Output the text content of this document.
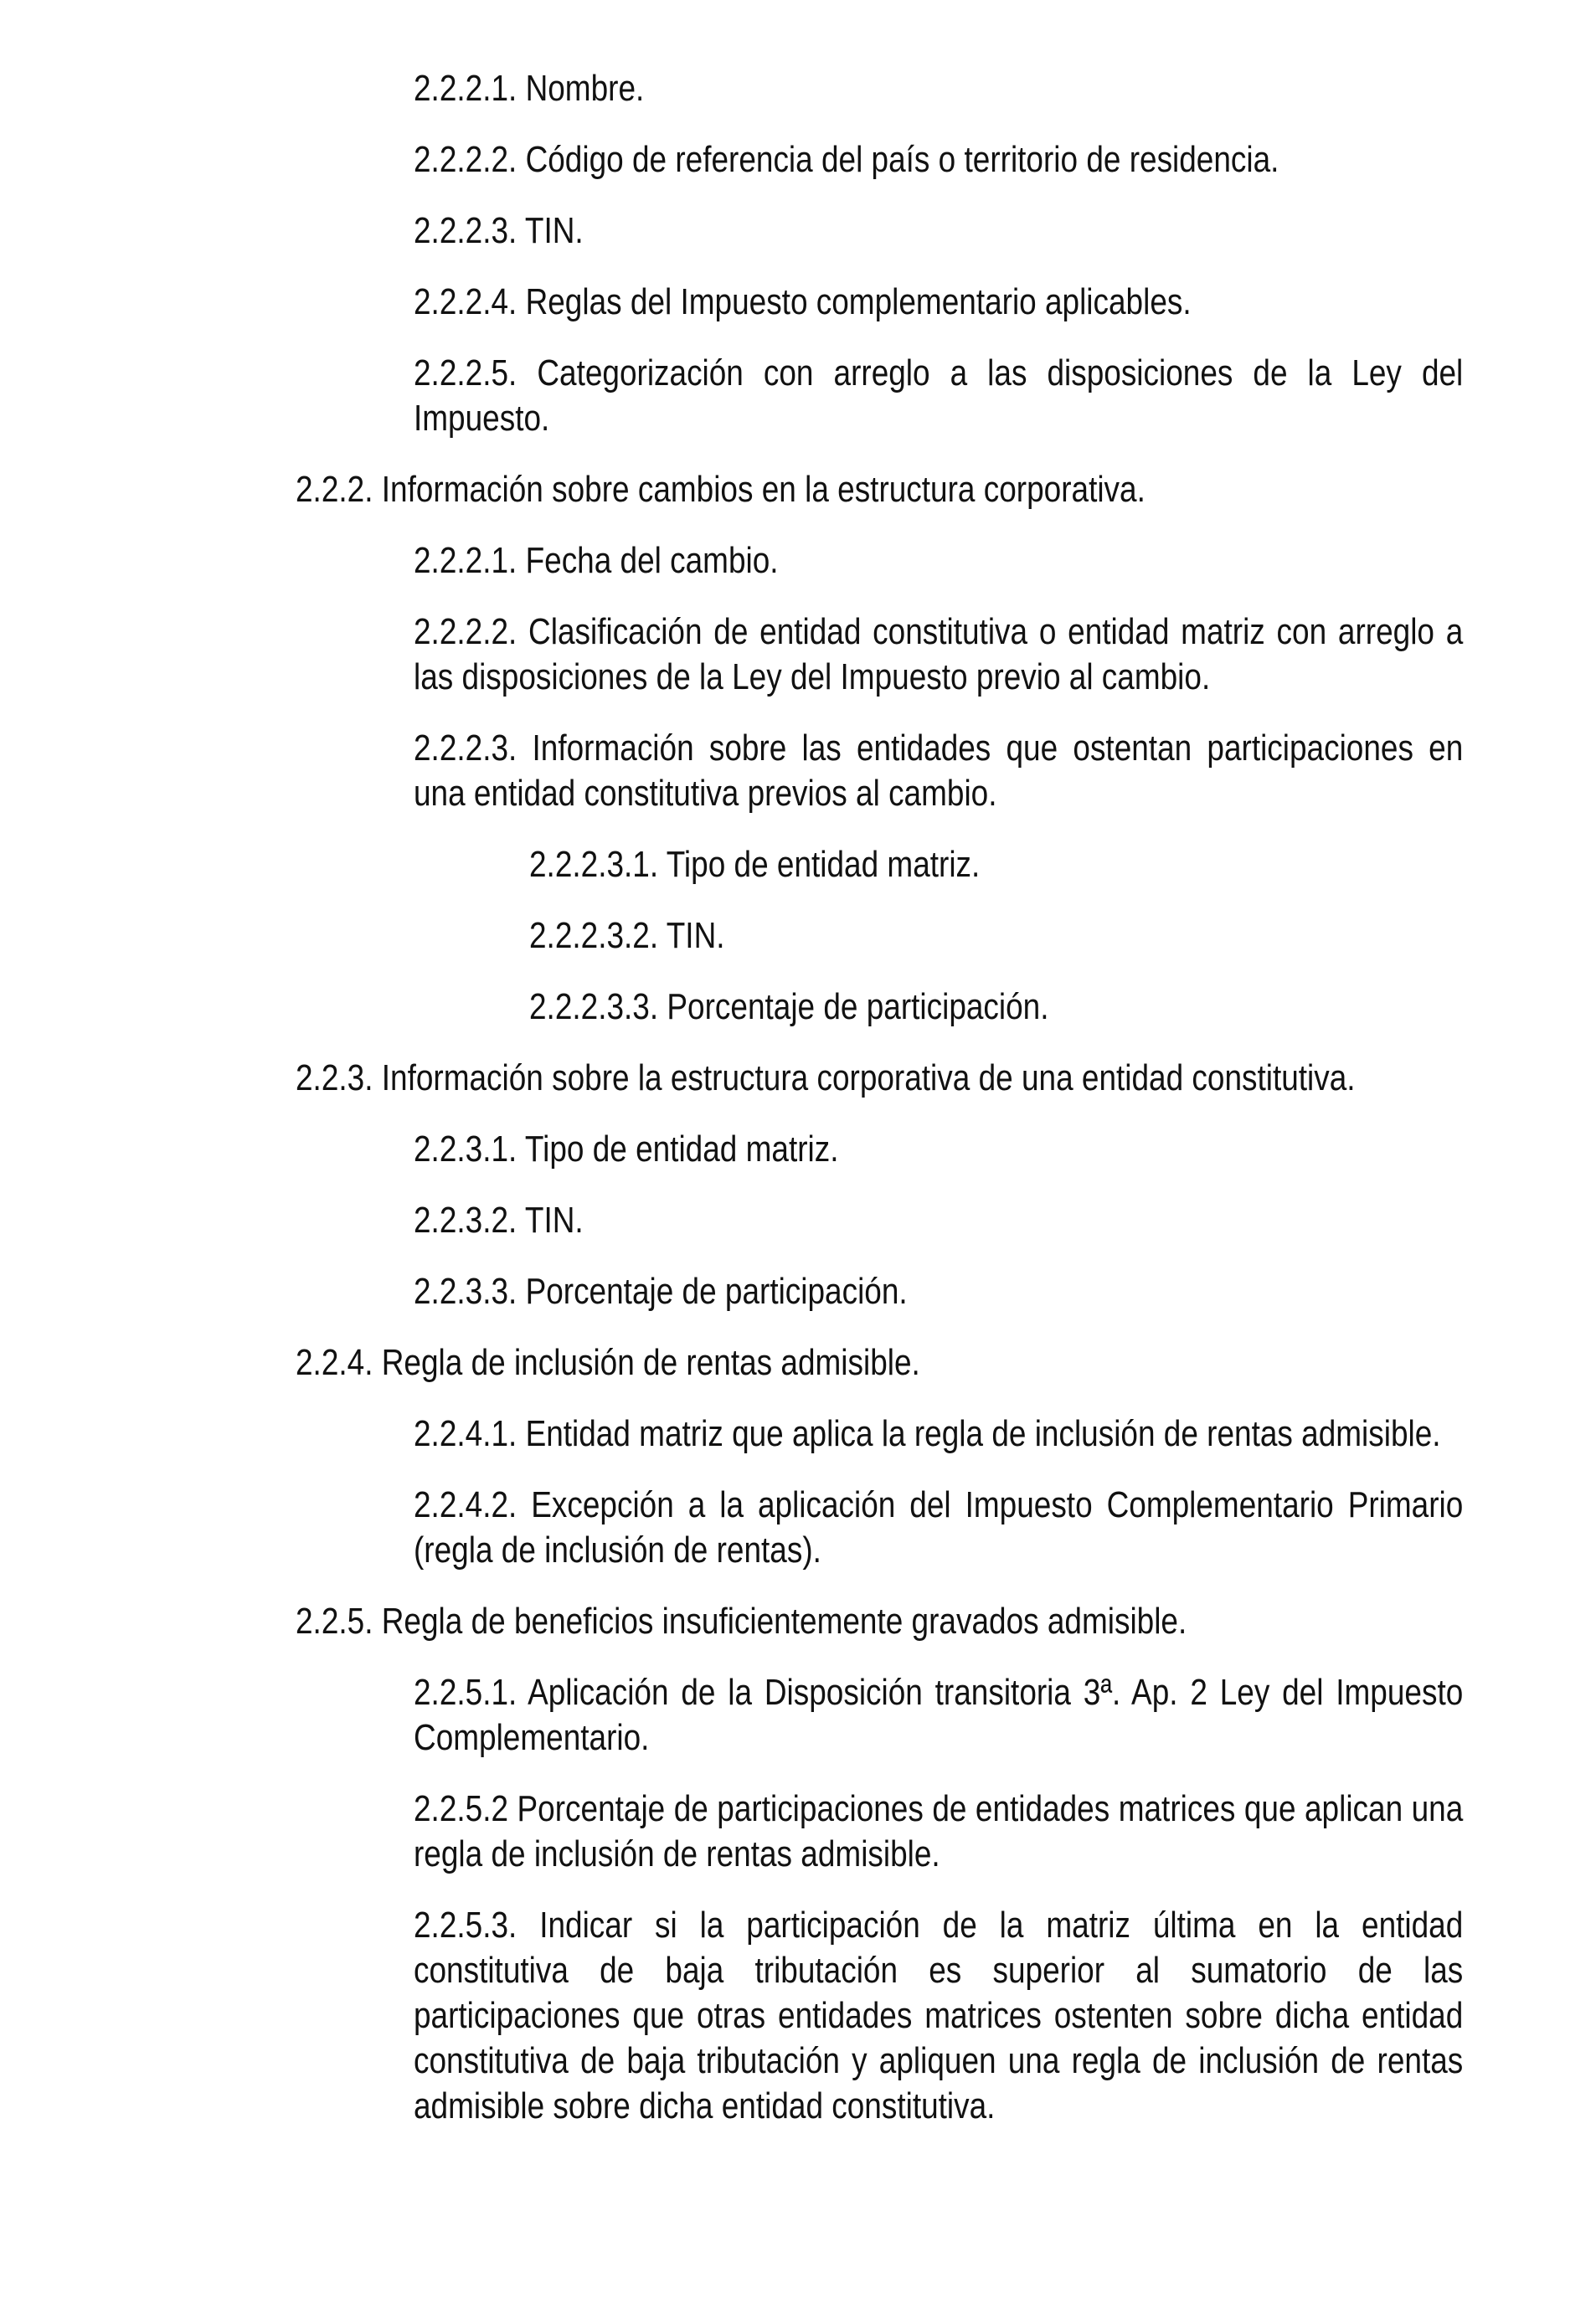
2.2.2.1. Nombre.
2.2.2.2. Código de referencia del país o territorio de residencia.
2.2.2.3. TIN.
2.2.2.4. Reglas del Impuesto complementario aplicables.
2.2.2.5. Categorización con arreglo a las disposiciones de la Ley del Impuesto.
2.2.2. Información sobre cambios en la estructura corporativa.
2.2.2.1. Fecha del cambio.
2.2.2.2. Clasificación de entidad constitutiva o entidad matriz con arreglo a las disposiciones de la Ley del Impuesto previo al cambio.
2.2.2.3. Información sobre las entidades que ostentan participaciones en una entidad constitutiva previos al cambio.
2.2.2.3.1. Tipo de entidad matriz.
2.2.2.3.2. TIN.
2.2.2.3.3. Porcentaje de participación.
2.2.3. Información sobre la estructura corporativa de una entidad constitutiva.
2.2.3.1. Tipo de entidad matriz.
2.2.3.2. TIN.
2.2.3.3. Porcentaje de participación.
2.2.4. Regla de inclusión de rentas admisible.
2.2.4.1. Entidad matriz que aplica la regla de inclusión de rentas admisible.
2.2.4.2. Excepción a la aplicación del Impuesto Complementario Primario (regla de inclusión de rentas).
2.2.5. Regla de beneficios insuficientemente gravados admisible.
2.2.5.1. Aplicación de la Disposición transitoria 3ª. Ap. 2 Ley del Impuesto Complementario.
2.2.5.2 Porcentaje de participaciones de entidades matrices que aplican una regla de inclusión de rentas admisible.
2.2.5.3. Indicar si la participación de la matriz última en la entidad constitutiva de baja tributación es superior al sumatorio de las participaciones que otras entidades matrices ostenten sobre dicha entidad constitutiva de baja tributación y apliquen una regla de inclusión de rentas admisible sobre dicha entidad constitutiva.
